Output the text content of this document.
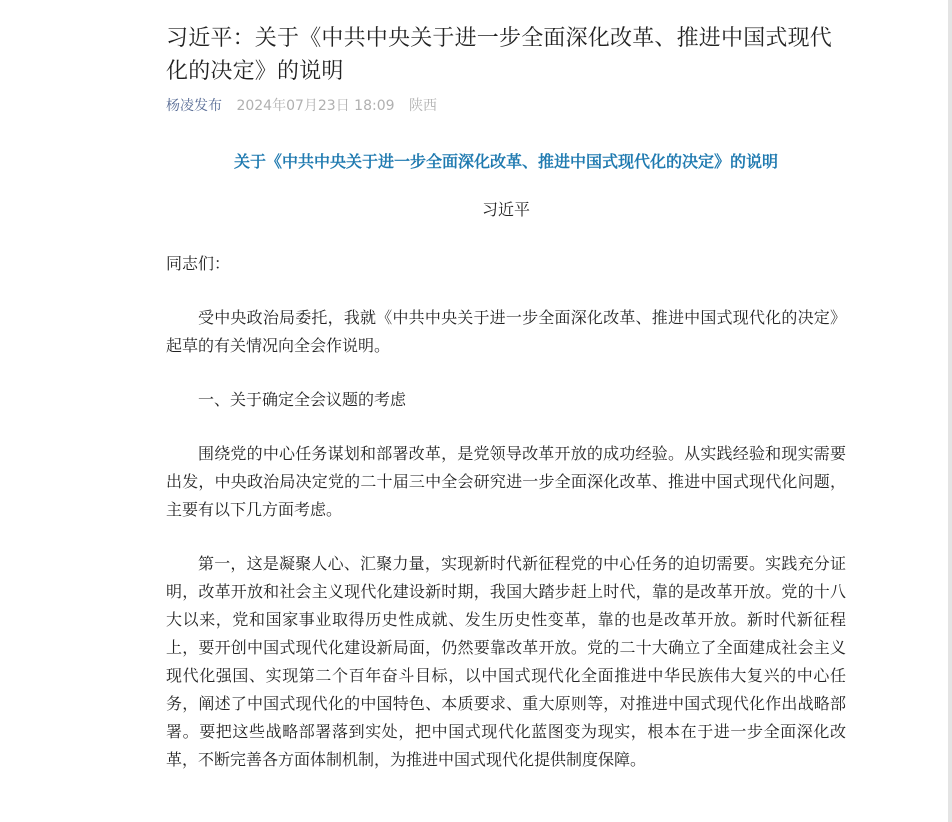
习近平：关于《中共中央关于进一步全面深化改革、推进中国式现代化的决定》的说明
杨凌发布 2024年07月23日 18:09 陕西
关于《中共中央关于进一步全面深化改革、推进中国式现代化的决定》的说明
习近平

同志们：

受中央政治局委托，我就《中共中央关于进一步全面深化改革、推进中国式现代化的决定》起草的有关情况向全会作说明。

一、关于确定全会议题的考虑

围绕党的中心任务谋划和部署改革，是党领导改革开放的成功经验。从实践经验和现实需要出发，中央政治局决定党的二十届三中全会研究进一步全面深化改革、推进中国式现代化问题，主要有以下几方面考虑。

第一，这是凝聚人心、汇聚力量，实现新时代新征程党的中心任务的迫切需要。实践充分证明，改革开放和社会主义现代化建设新时期，我国大踏步赶上时代，靠的是改革开放。党的十八大以来，党和国家事业取得历史性成就、发生历史性变革，靠的也是改革开放。新时代新征程上，要开创中国式现代化建设新局面，仍然要靠改革开放。党的二十大确立了全面建成社会主义现代化强国、实现第二个百年奋斗目标，以中国式现代化全面推进中华民族伟大复兴的中心任务，阐述了中国式现代化的中国特色、本质要求、重大原则等，对推进中国式现代化作出战略部署。要把这些战略部署落到实处，把中国式现代化蓝图变为现实，根本在于进一步全面深化改革，不断完善各方面体制机制，为推进中国式现代化提供制度保障。
